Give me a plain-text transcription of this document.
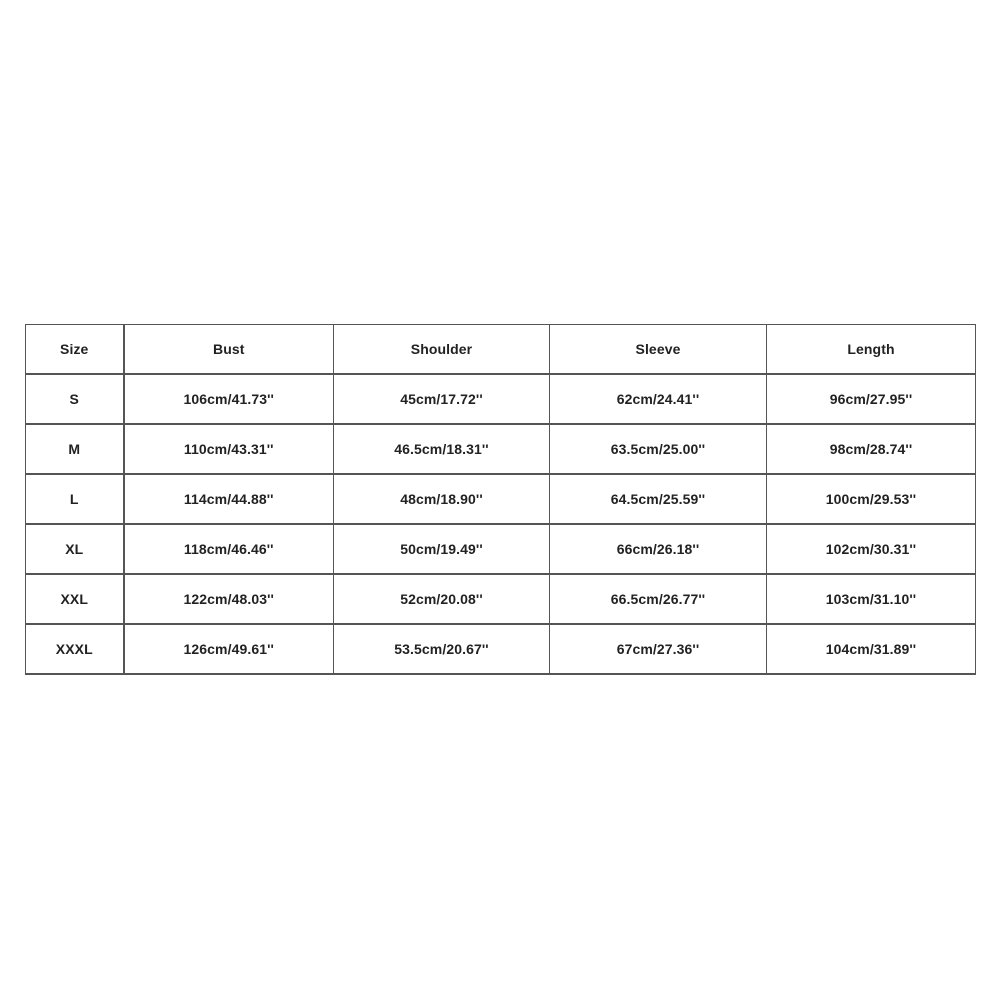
Size	Bust	Shoulder	Sleeve	Length
S	106cm/41.73''	45cm/17.72''	62cm/24.41''	96cm/27.95''
M	110cm/43.31''	46.5cm/18.31''	63.5cm/25.00''	98cm/28.74''
L	114cm/44.88''	48cm/18.90''	64.5cm/25.59''	100cm/29.53''
XL	118cm/46.46''	50cm/19.49''	66cm/26.18''	102cm/30.31''
XXL	122cm/48.03''	52cm/20.08''	66.5cm/26.77''	103cm/31.10''
XXXL	126cm/49.61''	53.5cm/20.67''	67cm/27.36''	104cm/31.89''
